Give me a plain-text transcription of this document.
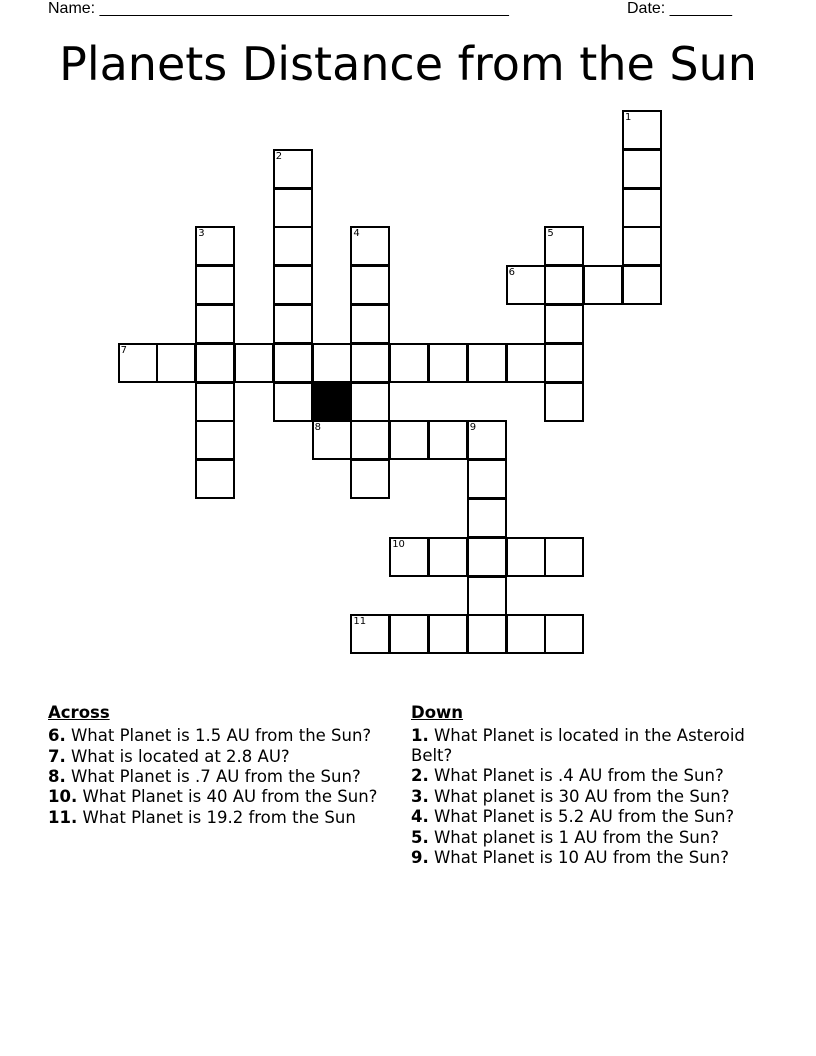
Name: ______________________________________________	Date: _______
Planets Distance from the Sun
1
2
3	4	5
6
7
8	9
10
11
Across
6. What Planet is 1.5 AU from the Sun?
7. What is located at 2.8 AU?
8. What Planet is .7 AU from the Sun?
10. What Planet is 40 AU from the Sun?
11. What Planet is 19.2 from the Sun
Down
1. What Planet is located in the Asteroid Belt?
2. What Planet is .4 AU from the Sun?
3. What planet is 30 AU from the Sun?
4. What Planet is 5.2 AU from the Sun?
5. What planet is 1 AU from the Sun?
9. What Planet is 10 AU from the Sun?
